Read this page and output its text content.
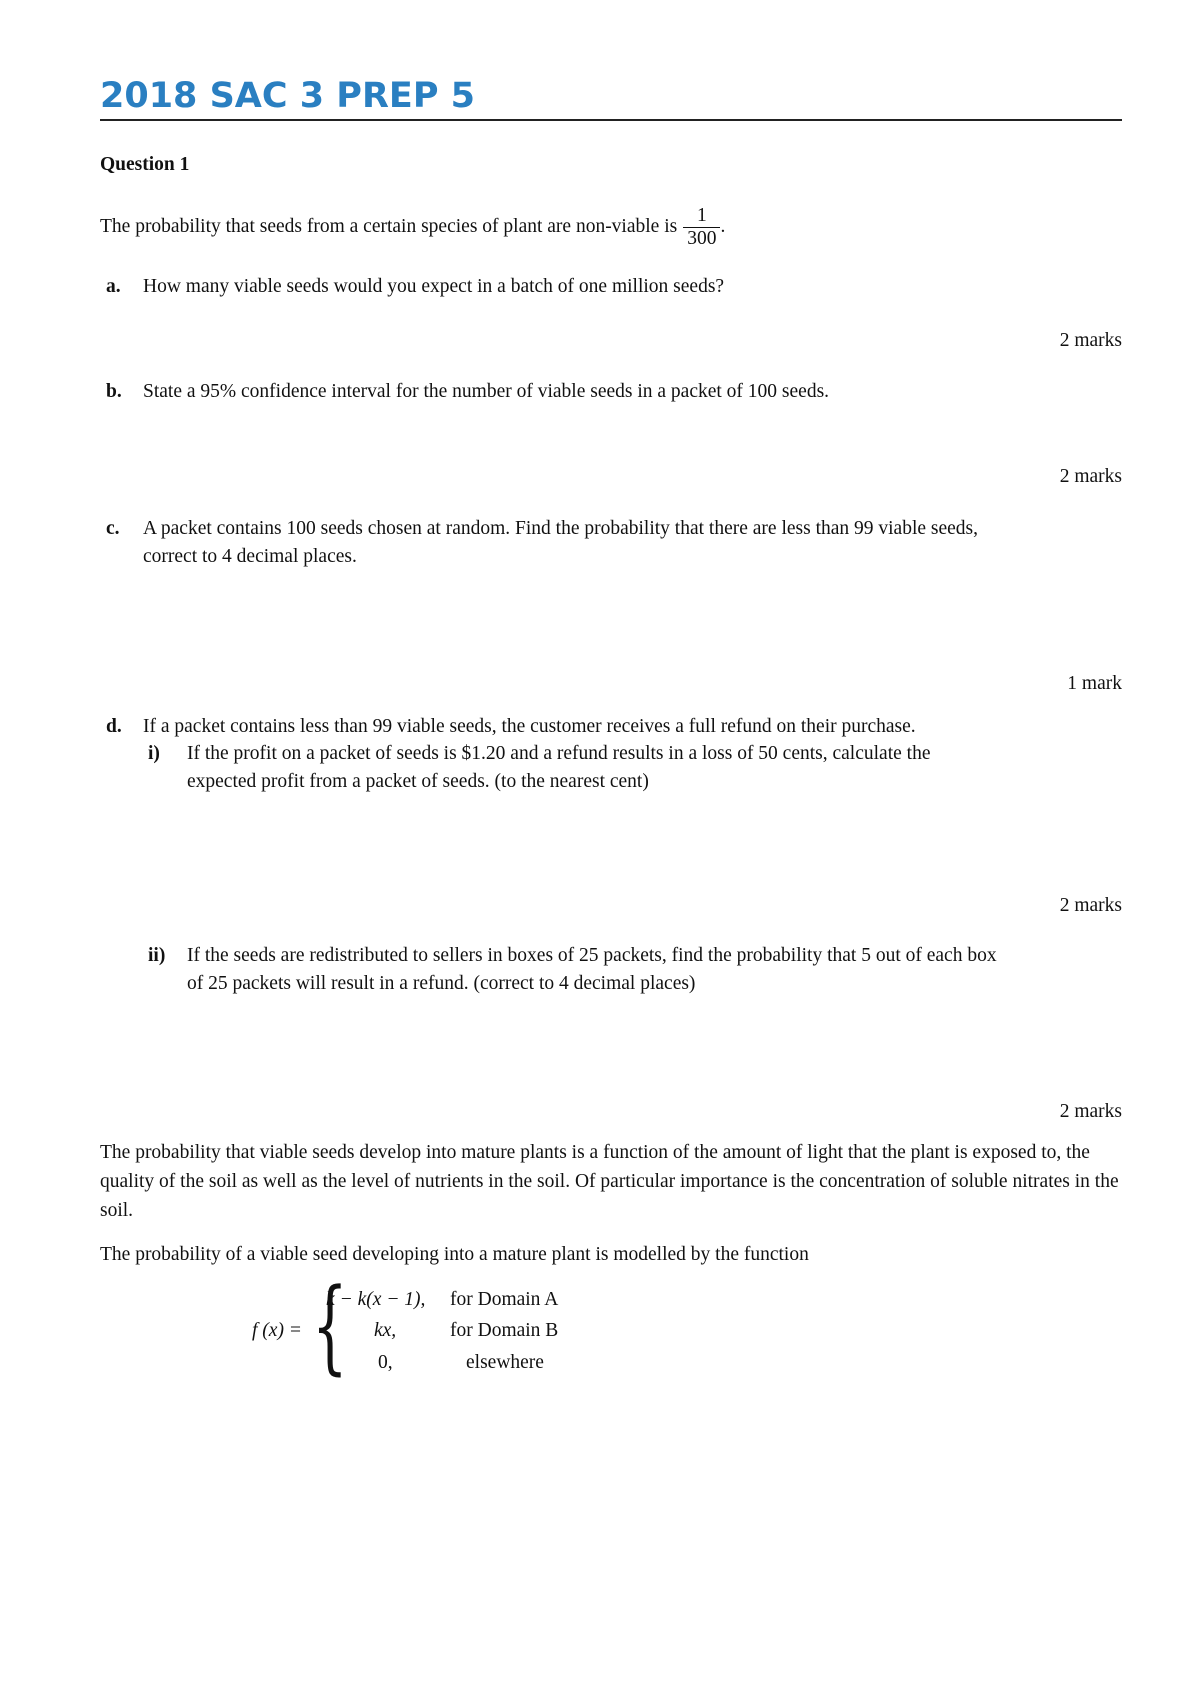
2018 SAC 3 PREP 5
Question 1
The probability that seeds from a certain species of plant are non-viable is $\frac{1}{300}$ .
a. How many viable seeds would you expect in a batch of one million seeds?
2 marks
b. State a 95% confidence interval for the number of viable seeds in a packet of 100 seeds.
2 marks
c. A packet contains 100 seeds chosen at random. Find the probability that there are less than 99 viable seeds,
correct to 4 decimal places.
1 mark
d. If a packet contains less than 99 viable seeds, the customer receives a full refund on their purchase.
i) If the profit on a packet of seeds is $1.20 and a refund results in a loss of 50 cents, calculate the
expected profit from a packet of seeds. (to the nearest cent)
2 marks
ii) If the seeds are redistributed to sellers in boxes of 25 packets, find the probability that 5 out of each box
of 25 packets will result in a refund. (correct to 4 decimal places)
2 marks

The probability that viable seeds develop into mature plants is a function of the amount of light that the plant is exposed to, the quality of the soil as well as the level of nutrients in the soil. Of particular importance is the concentration of soluble nitrates in the soil.

The probability of a viable seed developing into a mature plant is modelled by the function

f (x) = {
k − k(x − 1), for Domain A
kx,	for Domain B
0,	elsewhere
